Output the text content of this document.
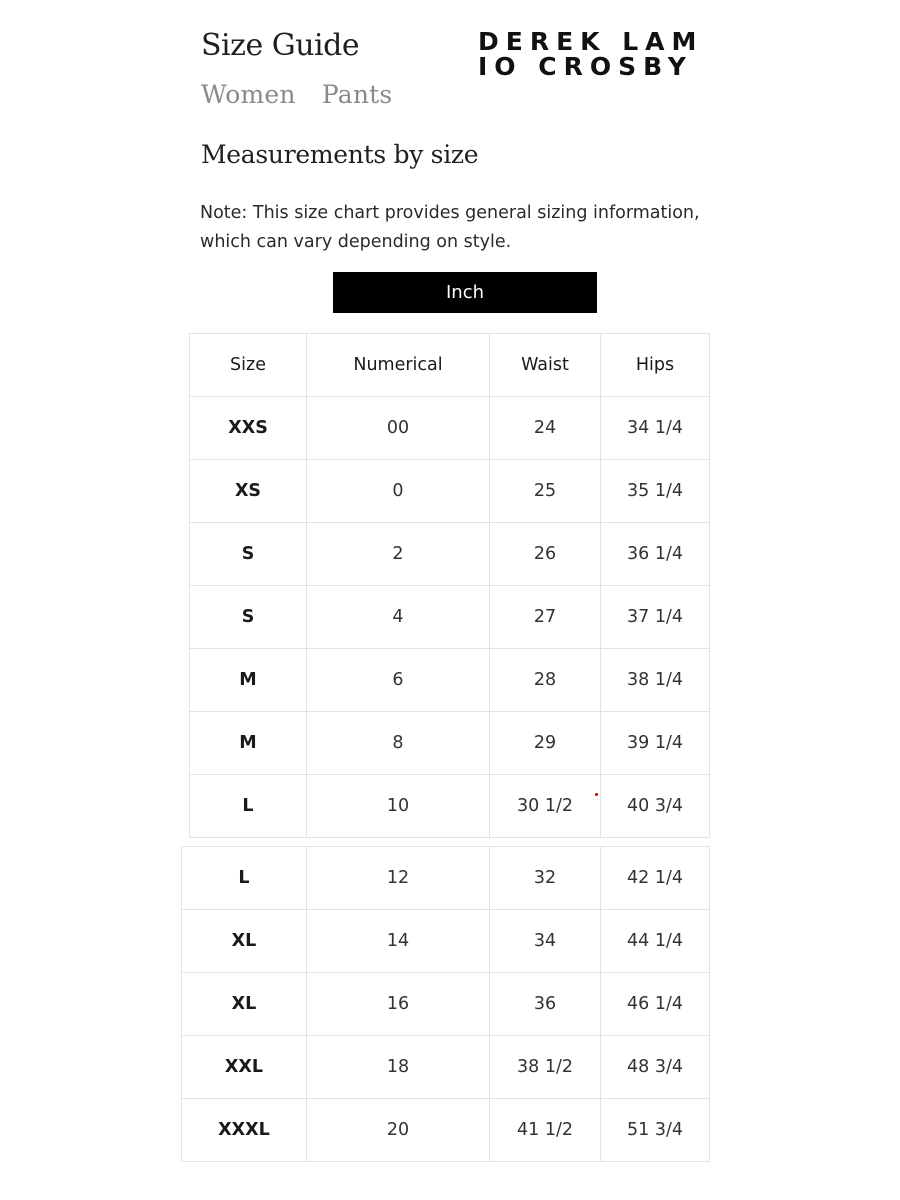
Size Guide
Women Pants
DEREK LAM
IO CROSBY
Measurements by size
Note: This size chart provides general sizing information, which can vary depending on style.
Inch
Size	Numerical	Waist	Hips
XXS	00	24	34 1/4
XS	0	25	35 1/4
S	2	26	36 1/4
S	4	27	37 1/4
M	6	28	38 1/4
M	8	29	39 1/4
L	10	30 1/2	40 3/4
L	12	32	42 1/4
XL	14	34	44 1/4
XL	16	36	46 1/4
XXL	18	38 1/2	48 3/4
XXXL	20	41 1/2	51 3/4
